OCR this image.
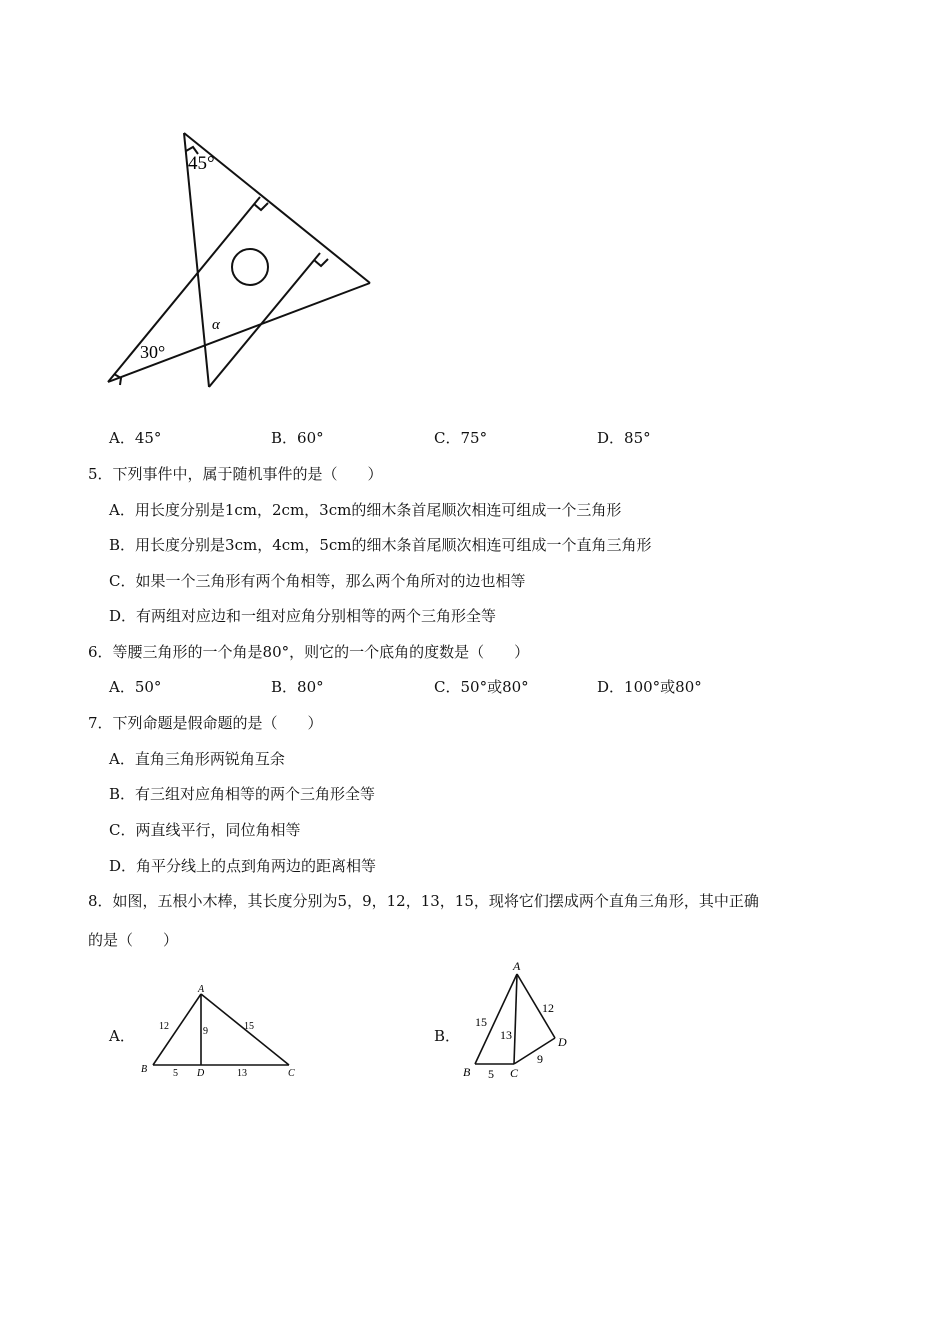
45°
30°
α
A．45°	B．60°	C．75°	D．85°
5．下列事件中，属于随机事件的是（　　）
A．用长度分别是1cm，2cm，3cm的细木条首尾顺次相连可组成一个三角形
B．用长度分别是3cm，4cm，5cm的细木条首尾顺次相连可组成一个直角三角形
C．如果一个三角形有两个角相等，那么两个角所对的边也相等
D．有两组对应边和一组对应角分别相等的两个三角形全等
6．等腰三角形的一个角是80°，则它的一个底角的度数是（　　）
A．50°	B．80°	C．50°或80°	D．100°或80°
7．下列命题是假命题的是（　　）
A．直角三角形两锐角互余
B．有三组对应角相等的两个三角形全等
C．两直线平行，同位角相等
D．角平分线上的点到角两边的距离相等
8．如图，五根小木棒，其长度分别为5，9，12，13，15，现将它们摆成两个直角三角形，其中正确
的是（　　）
A．	B．
A
B	D	C
12	9	15
5	13
A
B	C
D
15
13
12
5
9
